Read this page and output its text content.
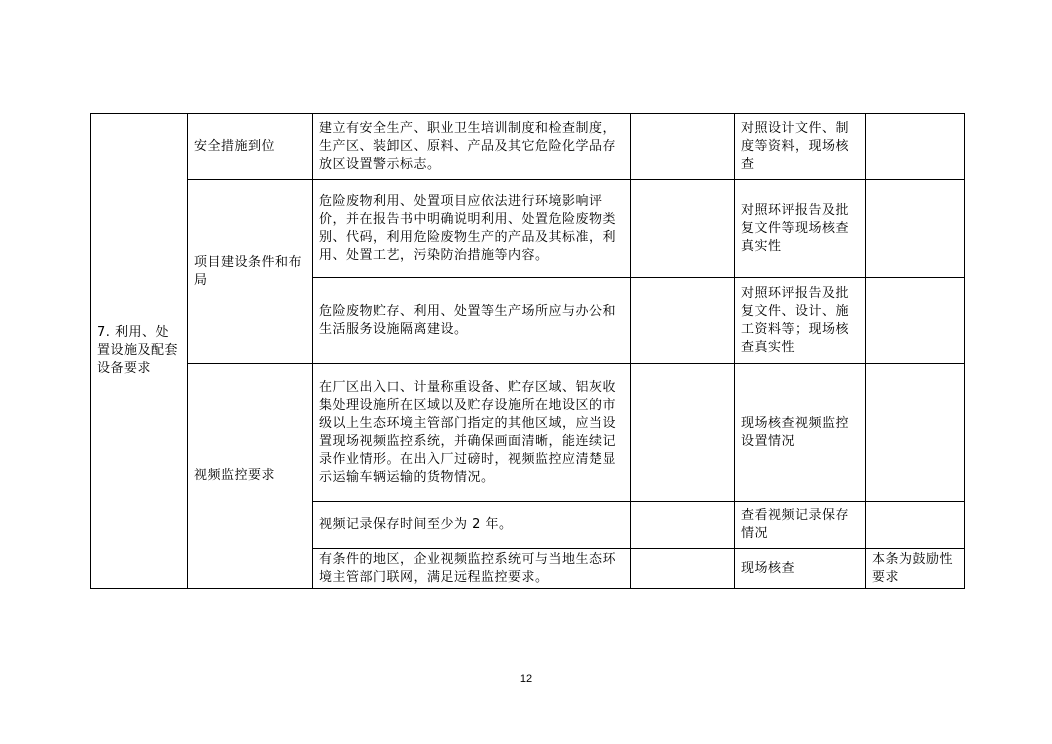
7. 利用、处置设施及配套设备要求	安全措施到位	建立有安全生产、职业卫生培训制度和检查制度，生产区、装卸区、原料、产品及其它危险化学品存放区设置警示标志。		对照设计文件、制度等资料，现场核查	
	项目建设条件和布局	危险废物利用、处置项目应依法进行环境影响评价，并在报告书中明确说明利用、处置危险废物类别、代码，利用危险废物生产的产品及其标准，利用、处置工艺，污染防治措施等内容。		对照环评报告及批复文件等现场核查真实性	
		危险废物贮存、利用、处置等生产场所应与办公和生活服务设施隔离建设。		对照环评报告及批复文件、设计、施工资料等；现场核查真实性	
	视频监控要求	在厂区出入口、计量称重设备、贮存区域、铝灰收集处理设施所在区域以及贮存设施所在地设区的市级以上生态环境主管部门指定的其他区域，应当设置现场视频监控系统，并确保画面清晰，能连续记录作业情形。在出入厂过磅时，视频监控应清楚显示运输车辆运输的货物情况。		现场核查视频监控设置情况	
		视频记录保存时间至少为 2 年。		查看视频记录保存情况	
		有条件的地区，企业视频监控系统可与当地生态环境主管部门联网，满足远程监控要求。		现场核查	本条为鼓励性要求
12
